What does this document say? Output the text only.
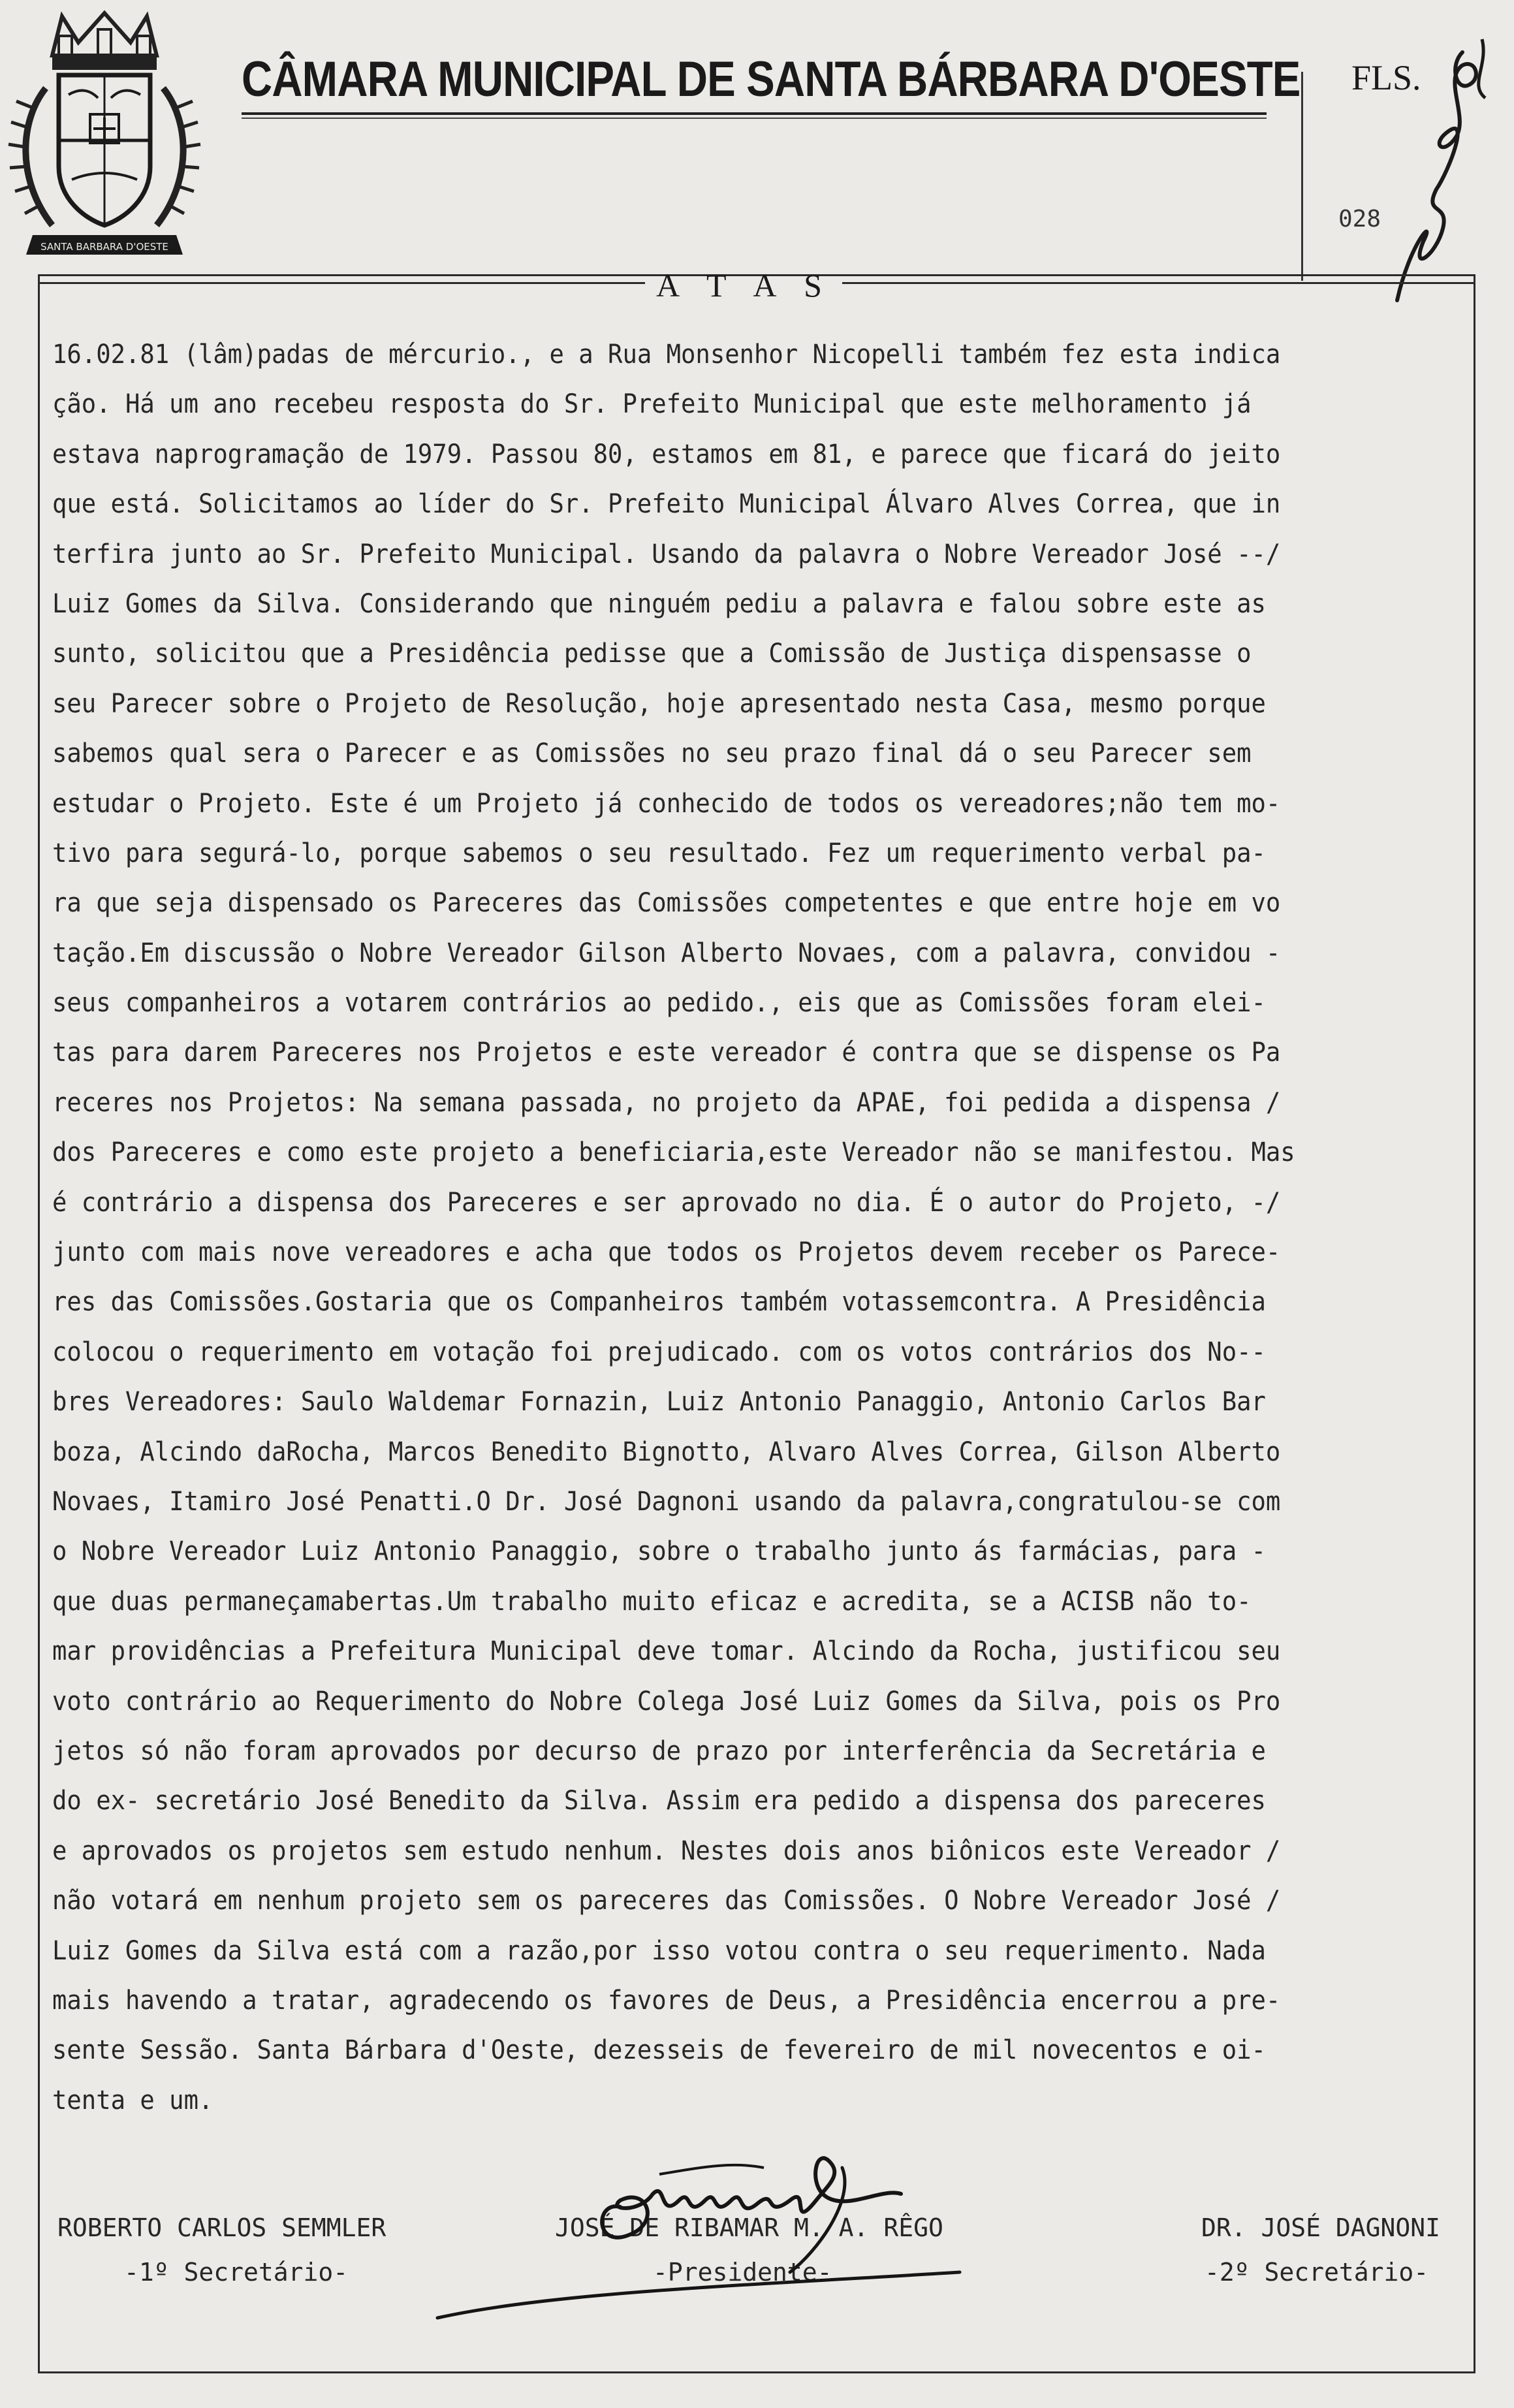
SANTA BARBARA D'OESTE
CÂMARA MUNICIPAL DE SANTA BÁRBARA D'OESTE FLS.
028
A T A S
16.02.81 (lâm)padas de mércurio., e a Rua Monsenhor Nicopelli também fez esta indica
ção. Há um ano recebeu resposta do Sr. Prefeito Municipal que este melhoramento já
estava naprogramação de 1979. Passou 80, estamos em 81, e parece que ficará do jeito
que está. Solicitamos ao líder do Sr. Prefeito Municipal Álvaro Alves Correa, que in
terfira junto ao Sr. Prefeito Municipal. Usando da palavra o Nobre Vereador José --/
Luiz Gomes da Silva. Considerando que ninguém pediu a palavra e falou sobre este as
sunto, solicitou que a Presidência pedisse que a Comissão de Justiça dispensasse o
seu Parecer sobre o Projeto de Resolução, hoje apresentado nesta Casa, mesmo porque
sabemos qual sera o Parecer e as Comissões no seu prazo final dá o seu Parecer sem
estudar o Projeto. Este é um Projeto já conhecido de todos os vereadores;não tem mo-
tivo para segurá-lo, porque sabemos o seu resultado. Fez um requerimento verbal pa-
ra que seja dispensado os Pareceres das Comissões competentes e que entre hoje em vo
tação.Em discussão o Nobre Vereador Gilson Alberto Novaes, com a palavra, convidou -
seus companheiros a votarem contrários ao pedido., eis que as Comissões foram elei-
tas para darem Pareceres nos Projetos e este vereador é contra que se dispense os Pa
receres nos Projetos: Na semana passada, no projeto da APAE, foi pedida a dispensa /
dos Pareceres e como este projeto a beneficiaria,este Vereador não se manifestou. Mas
é contrário a dispensa dos Pareceres e ser aprovado no dia. É o autor do Projeto, -/
junto com mais nove vereadores e acha que todos os Projetos devem receber os Parece-
res das Comissões.Gostaria que os Companheiros também votassemcontra. A Presidência
colocou o requerimento em votação foi prejudicado. com os votos contrários dos No--
bres Vereadores: Saulo Waldemar Fornazin, Luiz Antonio Panaggio, Antonio Carlos Bar
boza, Alcindo daRocha, Marcos Benedito Bignotto, Alvaro Alves Correa, Gilson Alberto
Novaes, Itamiro José Penatti.O Dr. José Dagnoni usando da palavra,congratulou-se com
o Nobre Vereador Luiz Antonio Panaggio, sobre o trabalho junto ás farmácias, para -
que duas permaneçamabertas.Um trabalho muito eficaz e acredita, se a ACISB não to-
mar providências a Prefeitura Municipal deve tomar. Alcindo da Rocha, justificou seu
voto contrário ao Requerimento do Nobre Colega José Luiz Gomes da Silva, pois os Pro
jetos só não foram aprovados por decurso de prazo por interferência da Secretária e
do ex- secretário José Benedito da Silva. Assim era pedido a dispensa dos pareceres
e aprovados os projetos sem estudo nenhum. Nestes dois anos biônicos este Vereador /
não votará em nenhum projeto sem os pareceres das Comissões. O Nobre Vereador José /
Luiz Gomes da Silva está com a razão,por isso votou contra o seu requerimento. Nada
mais havendo a tratar, agradecendo os favores de Deus, a Presidência encerrou a pre-
sente Sessão. Santa Bárbara d'Oeste, dezesseis de fevereiro de mil novecentos e oi-
tenta e um.
ROBERTO CARLOS SEMMLER
-1º Secretário-
JOSÉ DE RIBAMAR M. A. RÊGO
-Presidente-
DR. JOSÉ DAGNONI
-2º Secretário-
